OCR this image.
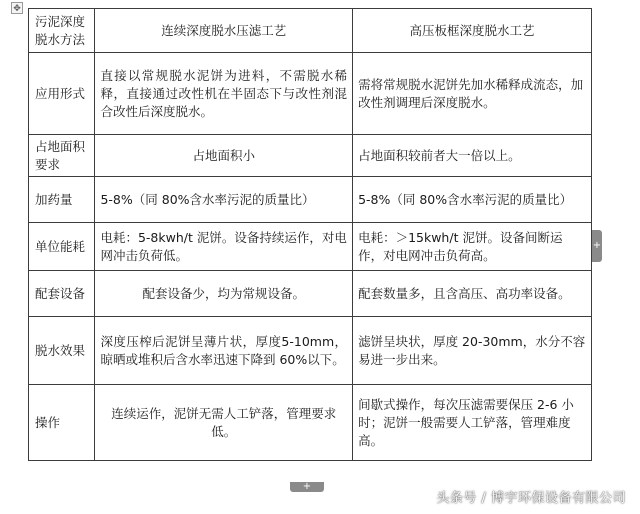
✥
污泥深度脱水方法	连续深度脱水压滤工艺	高压板框深度脱水工艺
应用形式	直接以常规脱水泥饼为进料，不需脱水稀释，直接通过改性机在半固态下与改性剂混合改性后深度脱水。	需将常规脱水泥饼先加水稀释成流态，加改性剂调理后深度脱水。
占地面积要求	占地面积小	占地面积较前者大一倍以上。
加药量	5-8%（同 80%含水率污泥的质量比）	5-8%（同 80%含水率污泥的质量比）
单位能耗	电耗：5-8kwh/t 泥饼。设备持续运作，对电网冲击负荷低。	电耗：＞15kwh/t 泥饼。设备间断运作，对电网冲击负荷高。
配套设备	配套设备少，均为常规设备。	配套数量多，且含高压、高功率设备。
脱水效果	深度压榨后泥饼呈薄片状，厚度5-10mm，晾晒或堆积后含水率迅速下降到 60%以下。	滤饼呈块状，厚度 20-30mm，水分不容易进一步出来。
操作	连续运作，泥饼无需人工铲落，管理要求低。	间歇式操作，每次压滤需要保压 2-6 小时；泥饼一般需要人工铲落，管理难度高。
+
+
头条号 / 博宇环保设备有限公司
